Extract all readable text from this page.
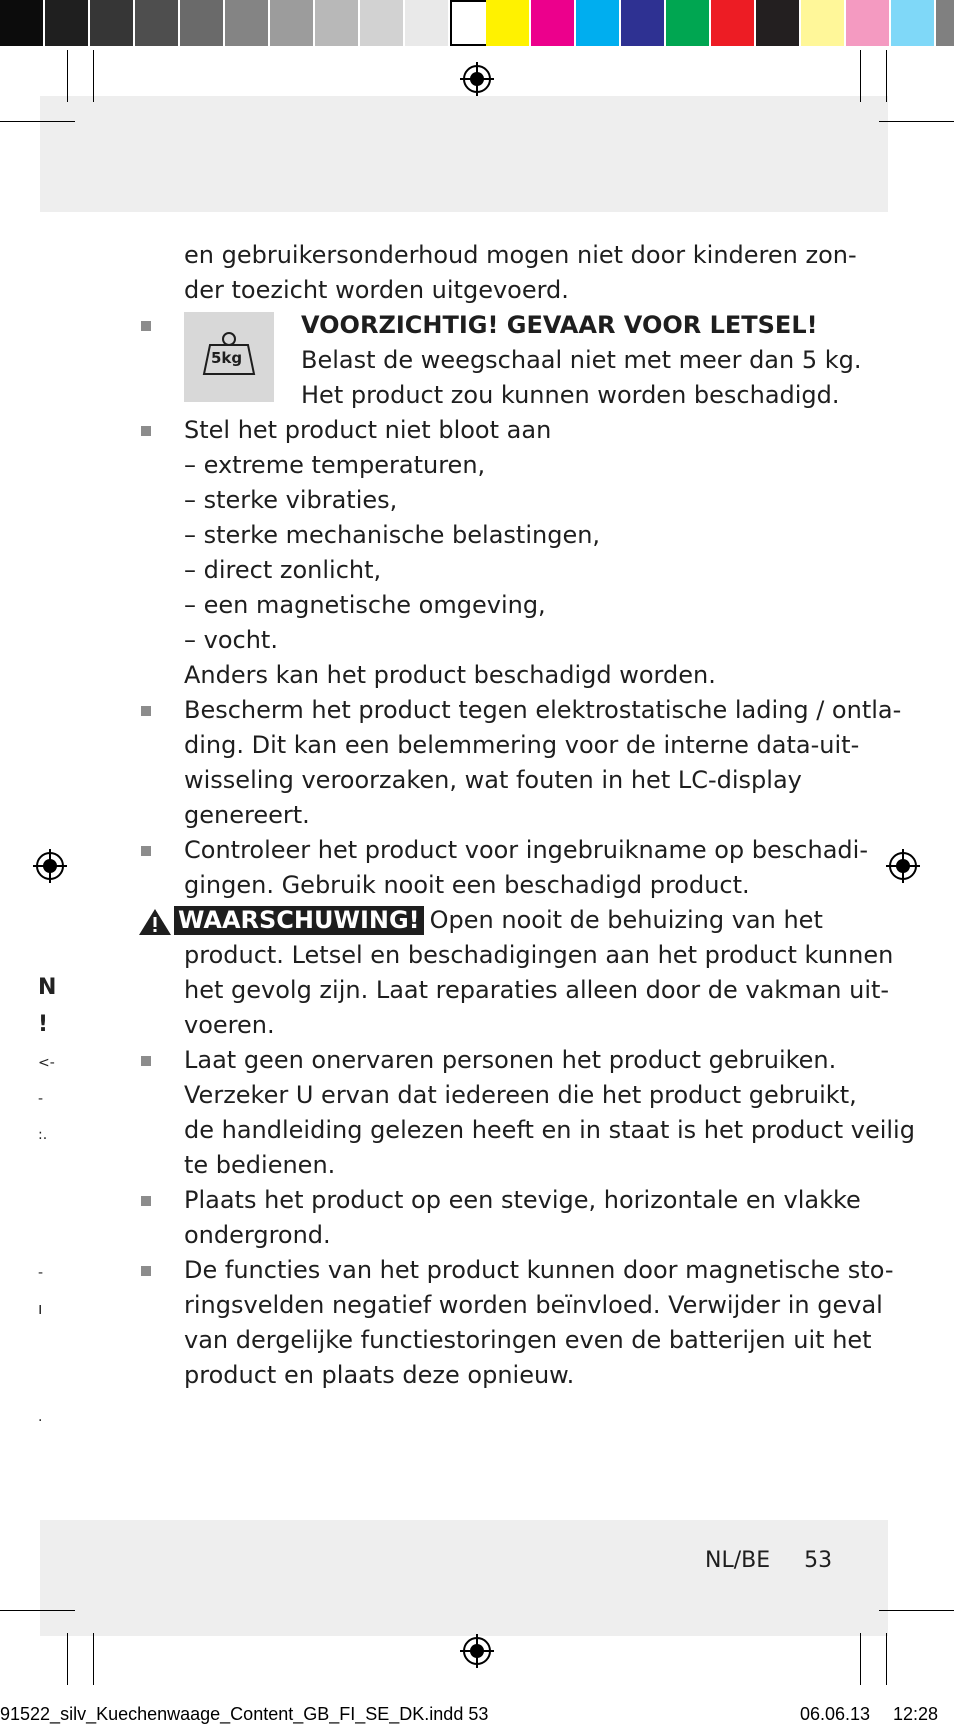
N
!
<-
-
:.
-
ı
.
en gebruikersonderhoud mogen niet door kinderen zon-
der toezicht worden uitgevoerd.
5kg
VOORZICHTIG! GEVAAR VOOR LETSEL!
Belast de weegschaal niet met meer dan 5 kg.
Het product zou kunnen worden beschadigd.
Stel het product niet bloot aan
– extreme temperaturen,
– sterke vibraties,
– sterke mechanische belastingen,
– direct zonlicht,
– een magnetische omgeving,
– vocht.
Anders kan het product beschadigd worden.
Bescherm het product tegen elektrostatische lading / ontla-
ding. Dit kan een belemmering voor de interne data-uit-
wisseling veroorzaken, wat fouten in het LC-display
genereert.
Controleer het product voor ingebruikname op beschadi-
gingen. Gebruik nooit een beschadigd product.
WAARSCHUWING! Open nooit de behuizing van het
product. Letsel en beschadigingen aan het product kunnen
het gevolg zijn. Laat reparaties alleen door de vakman uit-
voeren.
Laat geen onervaren personen het product gebruiken.
Verzeker U ervan dat iedereen die het product gebruikt,
de handleiding gelezen heeft en in staat is het product veilig
te bedienen.
Plaats het product op een stevige, horizontale en vlakke
ondergrond.
De functies van het product kunnen door magnetische sto-
ringsvelden negatief worden beïnvloed. Verwijder in geval
van dergelijke functiestoringen even de batterijen uit het
product en plaats deze opnieuw.
NL/BE 53
91522_silv_Kuechenwaage_Content_GB_FI_SE_DK.indd 53	06.06.13 12:28
